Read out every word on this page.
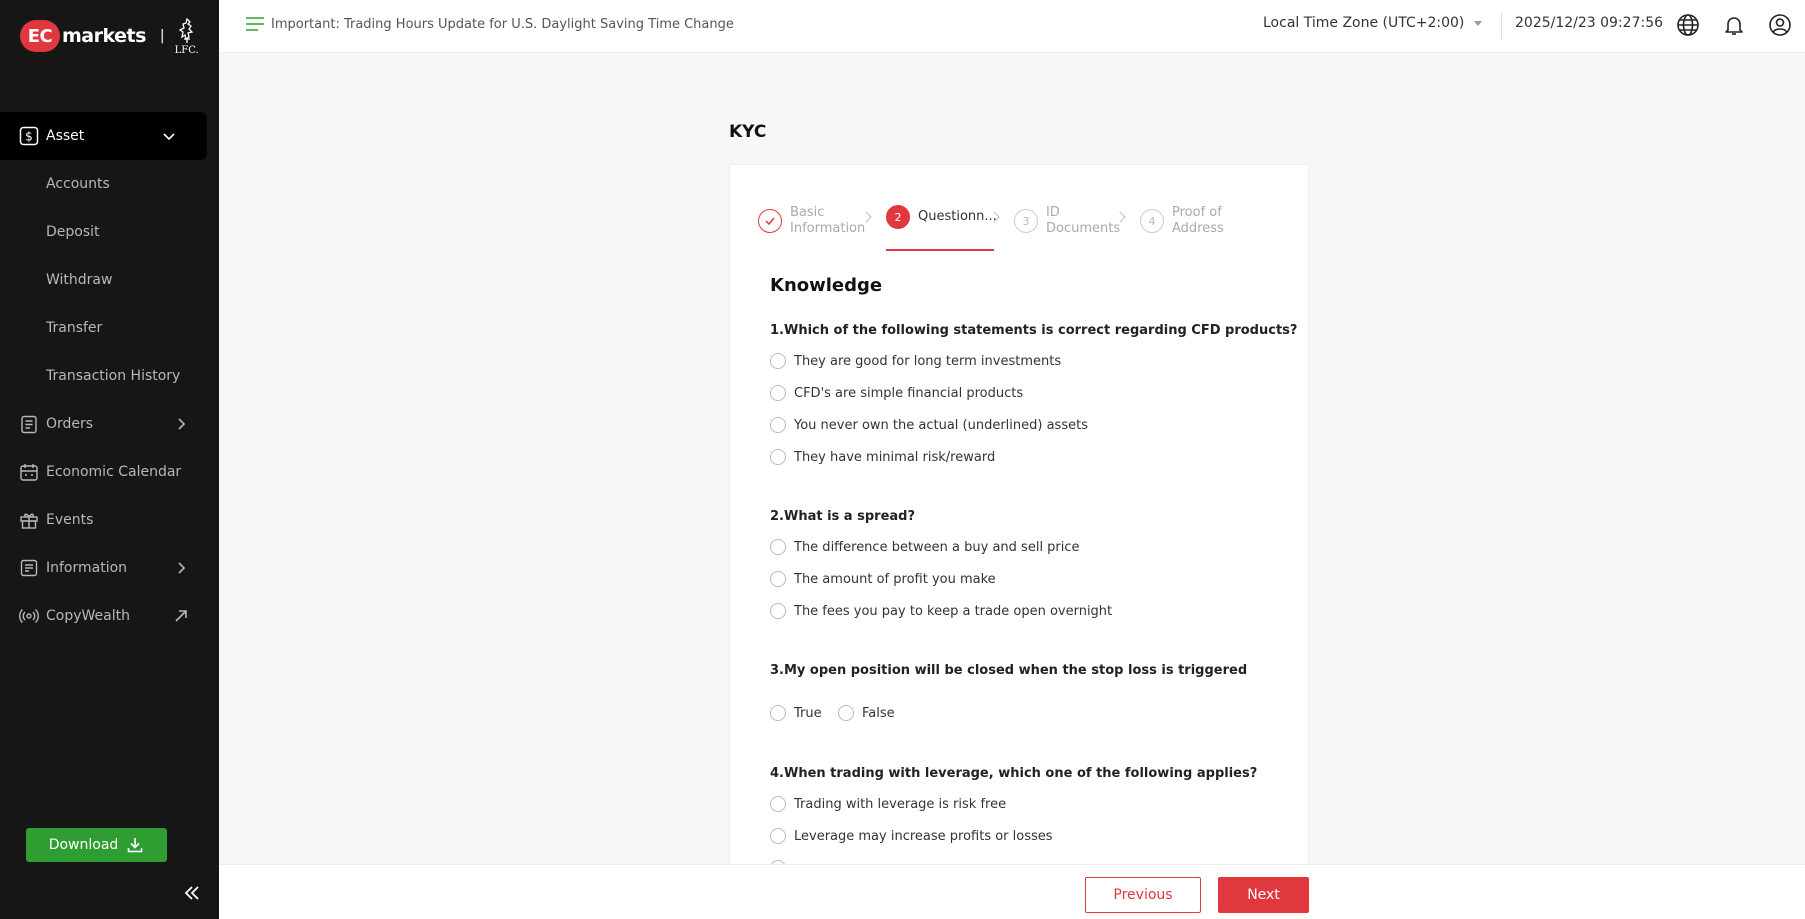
EC markets |
LFC.
$ Asset
Accounts
Deposit
Withdraw
Transfer
Transaction History
Orders
Economic Calendar
Events
Information
CopyWealth
Download
Important: Trading Hours Update for U.S. Daylight Saving Time Change	Local Time Zone (UTC+2:00)	2025/12/23 09:27:56
KYC
Basic
Information
2	Questionn...	3
ID
Documents	4
Proof of
Address
Knowledge
1.Which of the following statements is correct regarding CFD products?
They are good for long term investments
CFD's are simple financial products
You never own the actual (underlined) assets
They have minimal risk/reward
2.What is a spread?
The difference between a buy and sell price
The amount of profit you make
The fees you pay to keep a trade open overnight
3.My open position will be closed when the stop loss is triggered
True	False
4.When trading with leverage, which one of the following applies?
Trading with leverage is risk free
Leverage may increase profits or losses
Previous	Next
